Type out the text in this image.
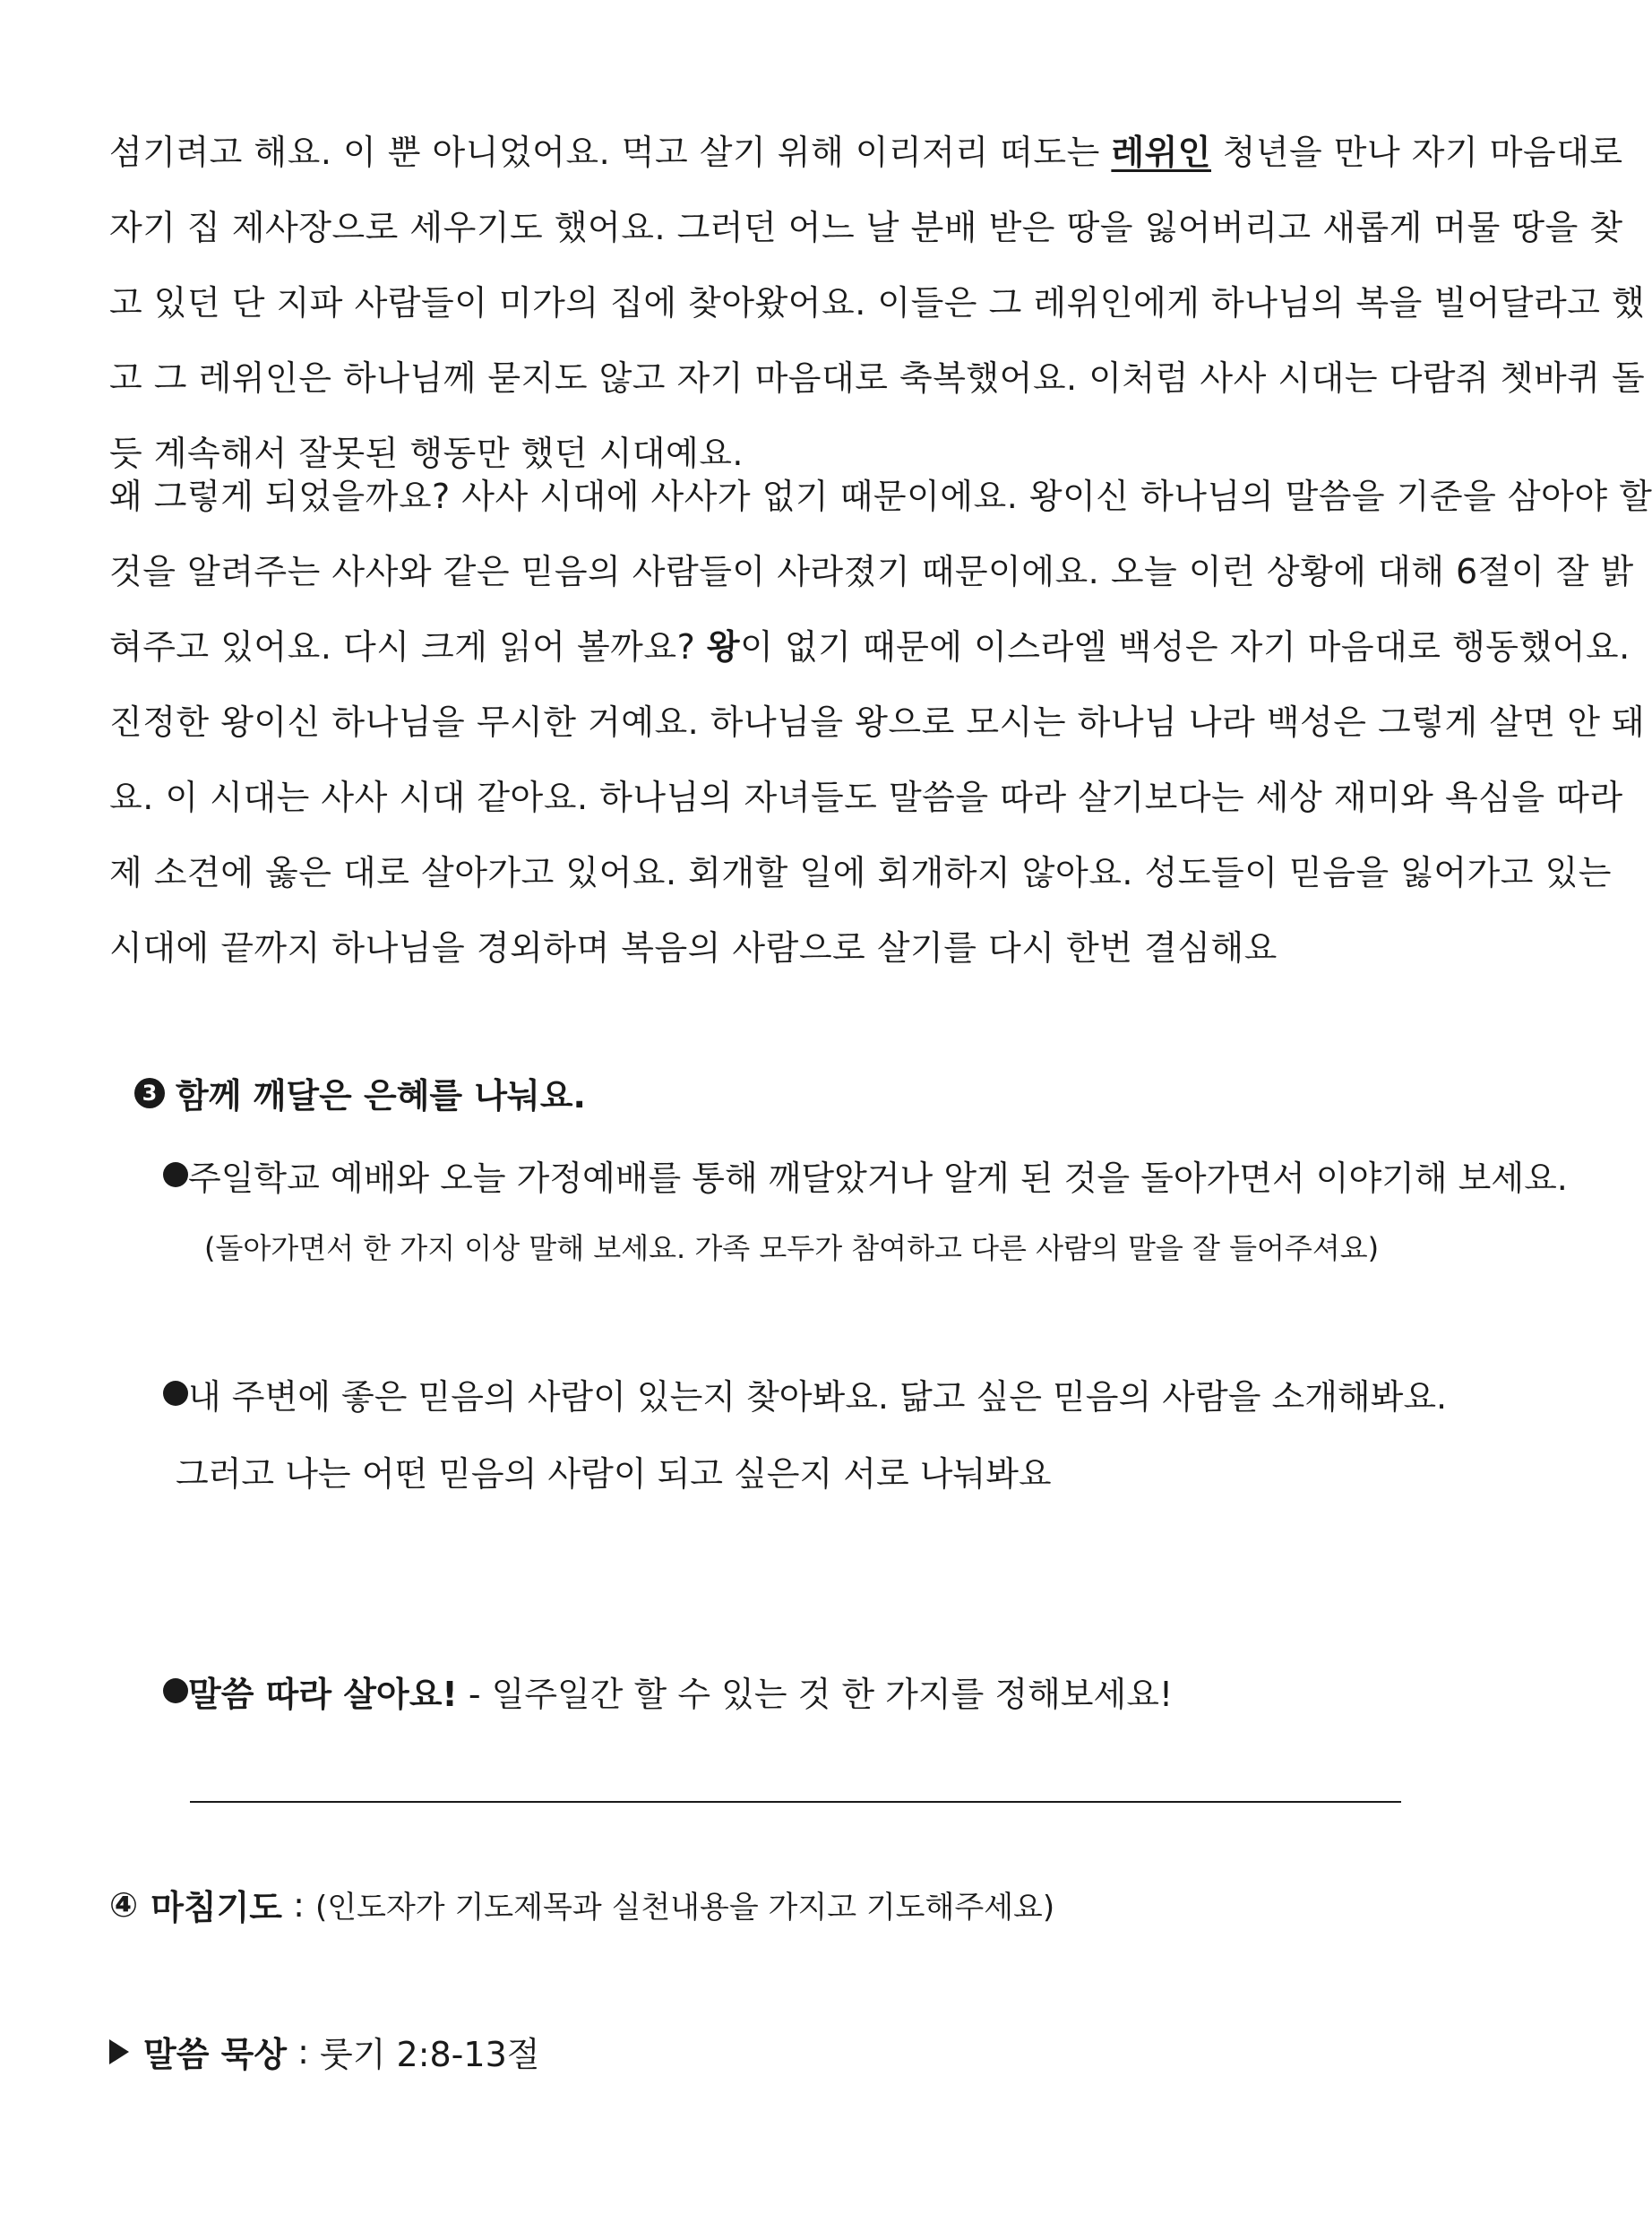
섬기려고 해요. 이 뿐 아니었어요. 먹고 살기 위해 이리저리 떠도는 레위인 청년을 만나 자기 마음대로
자기 집 제사장으로 세우기도 했어요. 그러던 어느 날 분배 받은 땅을 잃어버리고 새롭게 머물 땅을 찾
고 있던 단 지파 사람들이 미가의 집에 찾아왔어요. 이들은 그 레위인에게 하나님의 복을 빌어달라고 했
고 그 레위인은 하나님께 묻지도 않고 자기 마음대로 축복했어요. 이처럼 사사 시대는 다람쥐 쳇바퀴 돌
듯 계속해서 잘못된 행동만 했던 시대예요.
왜 그렇게 되었을까요? 사사 시대에 사사가 없기 때문이에요. 왕이신 하나님의 말씀을 기준을 삼아야 할
것을 알려주는 사사와 같은 믿음의 사람들이 사라졌기 때문이에요. 오늘 이런 상황에 대해 6절이 잘 밝
혀주고 있어요. 다시 크게 읽어 볼까요? 왕이 없기 때문에 이스라엘 백성은 자기 마음대로 행동했어요.
진정한 왕이신 하나님을 무시한 거예요. 하나님을 왕으로 모시는 하나님 나라 백성은 그렇게 살면 안 돼
요. 이 시대는 사사 시대 같아요. 하나님의 자녀들도 말씀을 따라 살기보다는 세상 재미와 욕심을 따라
제 소견에 옳은 대로 살아가고 있어요. 회개할 일에 회개하지 않아요. 성도들이 믿음을 잃어가고 있는
시대에 끝까지 하나님을 경외하며 복음의 사람으로 살기를 다시 한번 결심해요
3 함께 깨달은 은혜를 나눠요.
주일학교 예배와 오늘 가정예배를 통해 깨달았거나 알게 된 것을 돌아가면서 이야기해 보세요.
(돌아가면서 한 가지 이상 말해 보세요. 가족 모두가 참여하고 다른 사람의 말을 잘 들어주셔요)
내 주변에 좋은 믿음의 사람이 있는지 찾아봐요. 닮고 싶은 믿음의 사람을 소개해봐요.
그러고 나는 어떤 믿음의 사람이 되고 싶은지 서로 나눠봐요
말씀 따라 살아요! - 일주일간 할 수 있는 것 한 가지를 정해보세요!
④ 마침기도 : (인도자가 기도제목과 실천내용을 가지고 기도해주세요)
말씀 묵상 : 룻기 2:8-13절
